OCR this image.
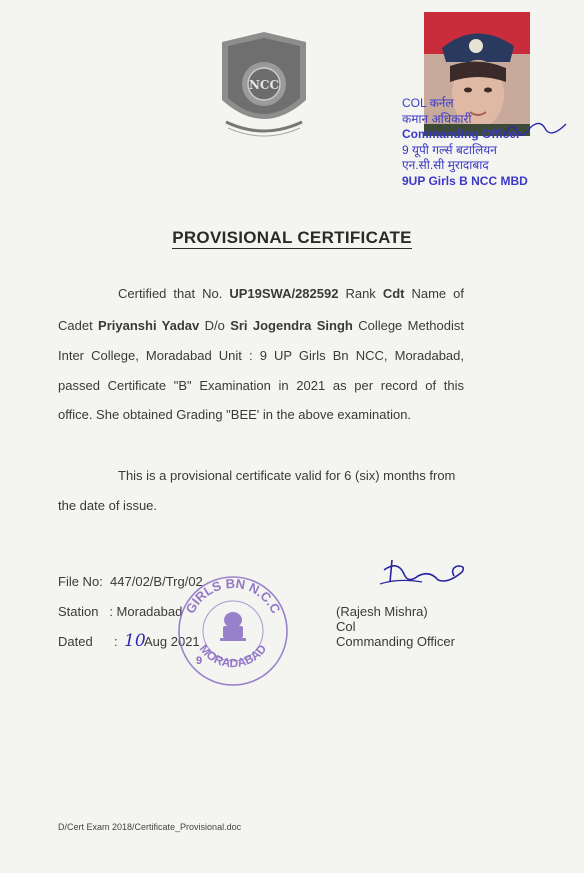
NCC
COL कर्नल
कमान अधिकारी
Commanding Officer
9 यूपी गर्ल्स बटालियन
एन.सी.सी मुरादाबाद
9UP Girls B NCC MBD
PROVISIONAL CERTIFICATE
Certified that No. UP19SWA/282592 Rank Cdt Name of
Cadet Priyanshi Yadav D/o Sri Jogendra Singh College Methodist
Inter College, Moradabad Unit : 9 UP Girls Bn NCC, Moradabad,
passed Certificate "B" Examination in 2021 as per record of this
office. She obtained Grading "BEE' in the above examination.
This is a provisional certificate valid for 6 (six) months from
the date of issue.
File No: 447/02/B/Trg/02
Station : Moradabad
Dated : 10
Aug 2021
GIRLS BN N.C.C
MORADABAD
9
(Rajesh Mishra)
Col
Commanding Officer
D/Cert Exam 2018/Certificate_Provisional.doc
